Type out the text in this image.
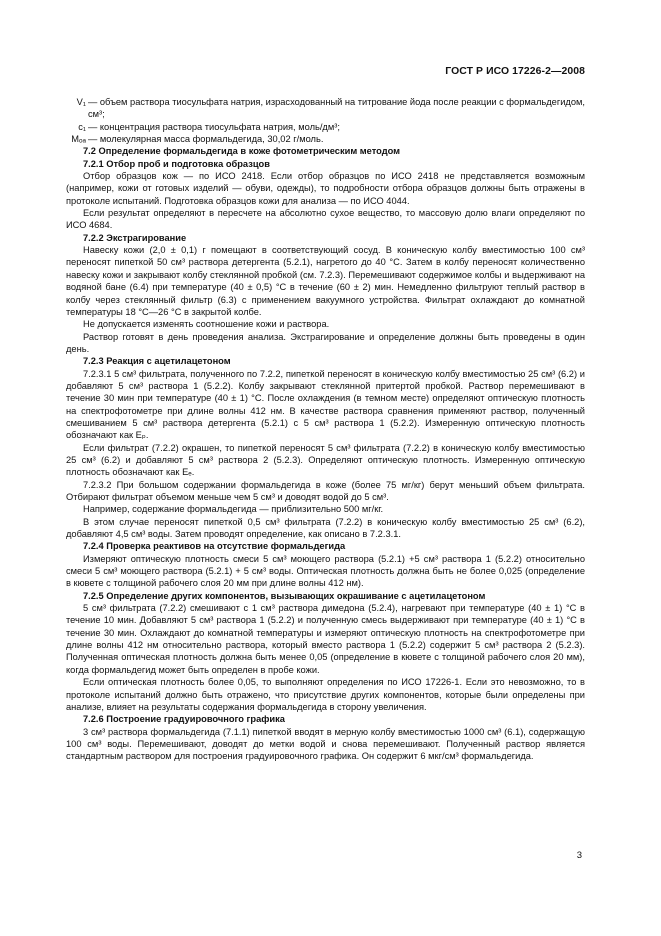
ГОСТ Р ИСО 17226-2—2008
V₁ — объем раствора тиосульфата натрия, израсходованный на титрование йода после реакции с формальдегидом, см³;
c₁ — концентрация раствора тиосульфата натрия, моль/дм³;
Mₒₐ — молекулярная масса формальдегида, 30,02 г/моль.

7.2 Определение формальдегида в коже фотометрическим методом

7.2.1 Отбор проб и подготовка образцов

Отбор образцов кож — по ИСО 2418. Если отбор образцов по ИСО 2418 не представляется возможным (например, кожи от готовых изделий — обуви, одежды), то подробности отбора образцов должны быть отражены в протоколе испытаний. Подготовка образцов кожи для анализа — по ИСО 4044.

Если результат определяют в пересчете на абсолютно сухое вещество, то массовую долю влаги определяют по ИСО 4684.

7.2.2 Экстрагирование

Навеску кожи (2,0 ± 0,1) г помещают в соответствующий сосуд. В коническую колбу вместимостью 100 см³ переносят пипеткой 50 см³ раствора детергента (5.2.1), нагретого до 40 °С. Затем в колбу переносят количественно навеску кожи и закрывают колбу стеклянной пробкой (см. 7.2.3). Перемешивают содержимое колбы и выдерживают на водяной бане (6.4) при температуре (40 ± 0,5) °С в течение (60 ± 2) мин. Немедленно фильтруют теплый раствор в колбу через стеклянный фильтр (6.3) с применением вакуумного устройства. Фильтрат охлаждают до комнатной температуры 18 °С—26 °С в закрытой колбе.

Не допускается изменять соотношение кожи и раствора.

Раствор готовят в день проведения анализа. Экстрагирование и определение должны быть проведены в один день.

7.2.3 Реакция с ацетилацетоном

7.2.3.1 5 см³ фильтрата, полученного по 7.2.2, пипеткой переносят в коническую колбу вместимостью 25 см³ (6.2) и добавляют 5 см³ раствора 1 (5.2.2). Колбу закрывают стеклянной притертой пробкой. Раствор перемешивают в течение 30 мин при температуре (40 ± 1) °С. После охлаждения (в темном месте) определяют оптическую плотность на спектрофотометре при длине волны 412 нм. В качестве раствора сравнения применяют раствор, полученный смешиванием 5 см³ раствора детергента (5.2.1) с 5 см³ раствора 1 (5.2.2). Измеренную оптическую плотность обозначают как Eₚ.

Если фильтрат (7.2.2) окрашен, то пипеткой переносят 5 см³ фильтрата (7.2.2) в коническую колбу вместимостью 25 см³ (6.2) и добавляют 5 см³ раствора 2 (5.2.3). Определяют оптическую плотность. Измеренную оптическую плотность обозначают как Eₑ.

7.2.3.2 При большом содержании формальдегида в коже (более 75 мг/кг) берут меньший объем фильтрата. Отбирают фильтрат объемом меньше чем 5 см³ и доводят водой до 5 см³.

Например, содержание формальдегида — приблизительно 500 мг/кг.

В этом случае переносят пипеткой 0,5 см³ фильтрата (7.2.2) в коническую колбу вместимостью 25 см³ (6.2), добавляют 4,5 см³ воды. Затем проводят определение, как описано в 7.2.3.1.

7.2.4 Проверка реактивов на отсутствие формальдегида

Измеряют оптическую плотность смеси 5 см³ моющего раствора (5.2.1) +5 см³ раствора 1 (5.2.2) относительно смеси 5 см³ моющего раствора (5.2.1) + 5 см³ воды. Оптическая плотность должна быть не более 0,025 (определение в кювете с толщиной рабочего слоя 20 мм при длине волны 412 нм).

7.2.5 Определение других компонентов, вызывающих окрашивание с ацетилацетоном

5 см³ фильтрата (7.2.2) смешивают с 1 см³ раствора димедона (5.2.4), нагревают при температуре (40 ± 1) °С в течение 10 мин. Добавляют 5 см³ раствора 1 (5.2.2) и полученную смесь выдерживают при температуре (40 ± 1) °С в течение 30 мин. Охлаждают до комнатной температуры и измеряют оптическую плотность на спектрофотометре при длине волны 412 нм относительно раствора, который вместо раствора 1 (5.2.2) содержит 5 см³ раствора 2 (5.2.3). Полученная оптическая плотность должна быть менее 0,05 (определение в кювете с толщиной рабочего слоя 20 мм), когда формальдегид может быть определен в пробе кожи.

Если оптическая плотность более 0,05, то выполняют определения по ИСО 17226-1. Если это невозможно, то в протоколе испытаний должно быть отражено, что присутствие других компонентов, которые были определены при анализе, влияет на результаты содержания формальдегида в сторону увеличения.

7.2.6 Построение градуировочного графика

3 см³ раствора формальдегида (7.1.1) пипеткой вводят в мерную колбу вместимостью 1000 см³ (6.1), содержащую 100 см³ воды. Перемешивают, доводят до метки водой и снова перемешивают. Полученный раствор является стандартным раствором для построения градуировочного графика. Он содержит 6 мкг/см³ формальдегида.

3
